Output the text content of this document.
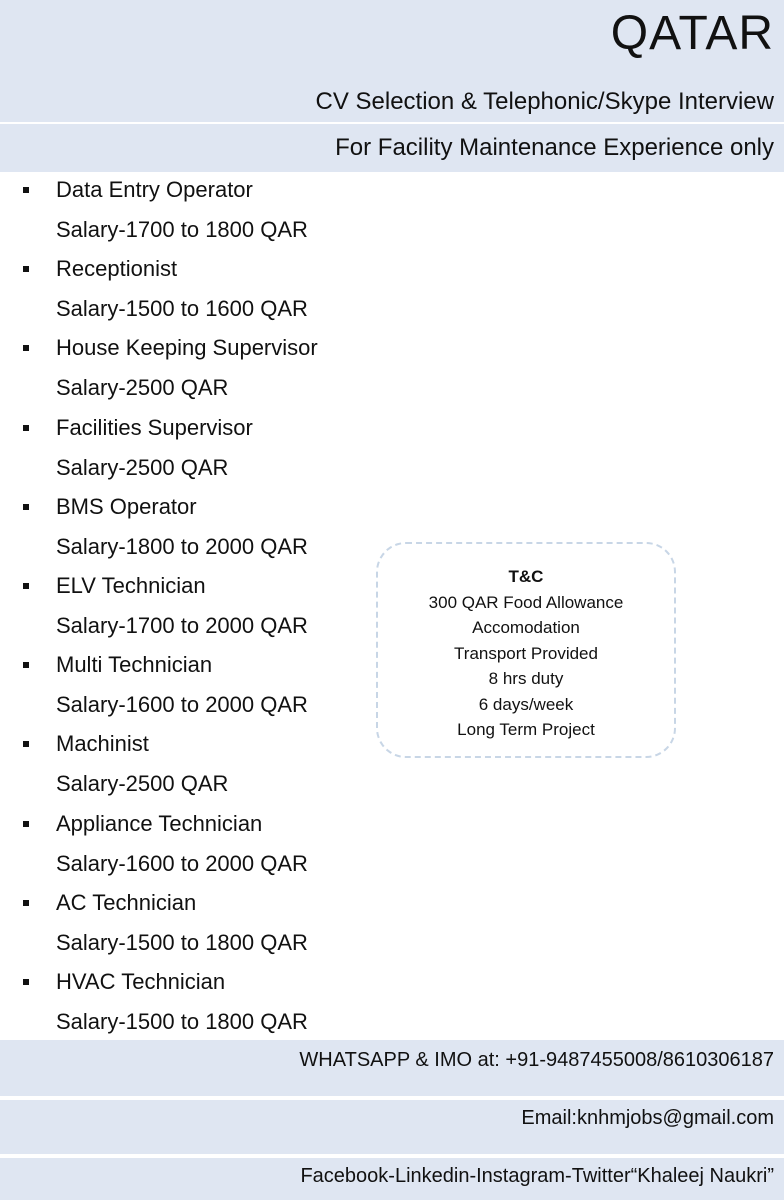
QATAR
CV Selection & Telephonic/Skype Interview
For Facility Maintenance Experience only
Data Entry Operator
Salary-1700 to 1800 QAR
Receptionist
Salary-1500 to 1600 QAR
House Keeping Supervisor
Salary-2500 QAR
Facilities Supervisor
Salary-2500 QAR
BMS Operator
Salary-1800 to 2000 QAR
ELV Technician
Salary-1700 to 2000 QAR
Multi Technician
Salary-1600 to 2000 QAR
Machinist
Salary-2500 QAR
Appliance Technician
Salary-1600 to 2000 QAR
AC Technician
Salary-1500 to 1800 QAR
HVAC Technician
Salary-1500 to 1800 QAR
T&C
300 QAR Food Allowance
Accomodation
Transport Provided
8 hrs duty
6 days/week
Long Term Project
WHATSAPP & IMO at: +91-9487455008/8610306187
Email:knhmjobs@gmail.com
Facebook-Linkedin-Instagram-Twitter“Khaleej Naukri”
